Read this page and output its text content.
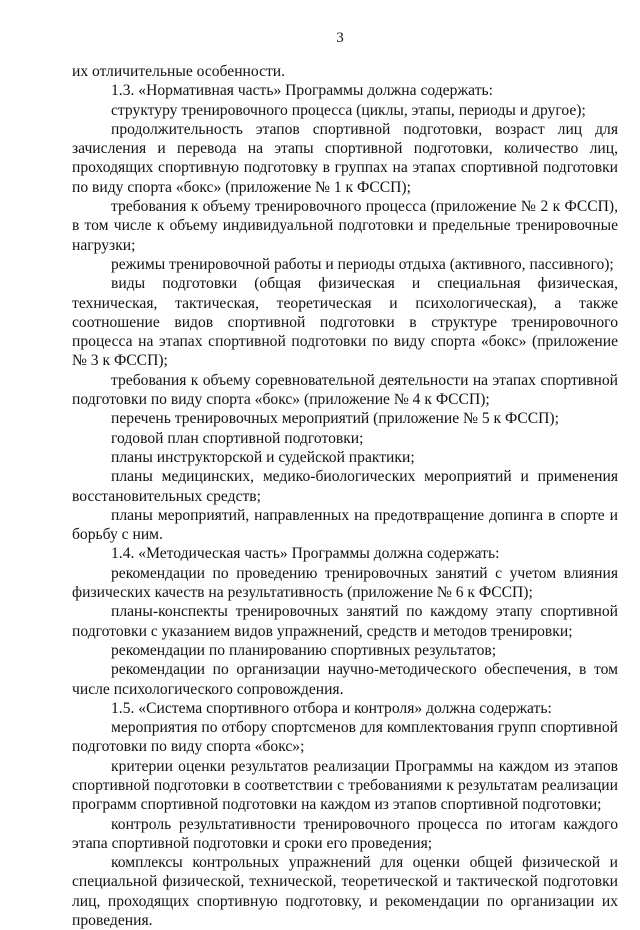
3

их отличительные особенности.

1.3. «Нормативная часть» Программы должна содержать:

структуру тренировочного процесса (циклы, этапы, периоды и другое);

продолжительность этапов спортивной подготовки, возраст лиц для зачисления и перевода на этапы спортивной подготовки, количество лиц, проходящих спортивную подготовку в группах на этапах спортивной подготовки по виду спорта «бокс» (приложение № 1 к ФССП);

требования к объему тренировочного процесса (приложение № 2 к ФССП), в том числе к объему индивидуальной подготовки и предельные тренировочные нагрузки;

режимы тренировочной работы и периоды отдыха (активного, пассивного);

виды подготовки (общая физическая и специальная физическая, техническая, тактическая, теоретическая и психологическая), а также соотношение видов спортивной подготовки в структуре тренировочного процесса на этапах спортивной подготовки по виду спорта «бокс» (приложение № 3 к ФССП);

требования к объему соревновательной деятельности на этапах спортивной подготовки по виду спорта «бокс» (приложение № 4 к ФССП);

перечень тренировочных мероприятий (приложение № 5 к ФССП);

годовой план спортивной подготовки;

планы инструкторской и судейской практики;

планы медицинских, медико-биологических мероприятий и применения восстановительных средств;

планы мероприятий, направленных на предотвращение допинга в спорте и борьбу с ним.

1.4. «Методическая часть» Программы должна содержать:

рекомендации по проведению тренировочных занятий с учетом влияния физических качеств на результативность (приложение № 6 к ФССП);

планы-конспекты тренировочных занятий по каждому этапу спортивной подготовки с указанием видов упражнений, средств и методов тренировки;

рекомендации по планированию спортивных результатов;

рекомендации по организации научно-методического обеспечения, в том числе психологического сопровождения.

1.5. «Система спортивного отбора и контроля» должна содержать:

мероприятия по отбору спортсменов для комплектования групп спортивной подготовки по виду спорта «бокс»;

критерии оценки результатов реализации Программы на каждом из этапов спортивной подготовки в соответствии с требованиями к результатам реализации программ спортивной подготовки на каждом из этапов спортивной подготовки;

контроль результативности тренировочного процесса по итогам каждого этапа спортивной подготовки и сроки его проведения;

комплексы контрольных упражнений для оценки общей физической и специальной физической, технической, теоретической и тактической подготовки лиц, проходящих спортивную подготовку, и рекомендации по организации их проведения.
